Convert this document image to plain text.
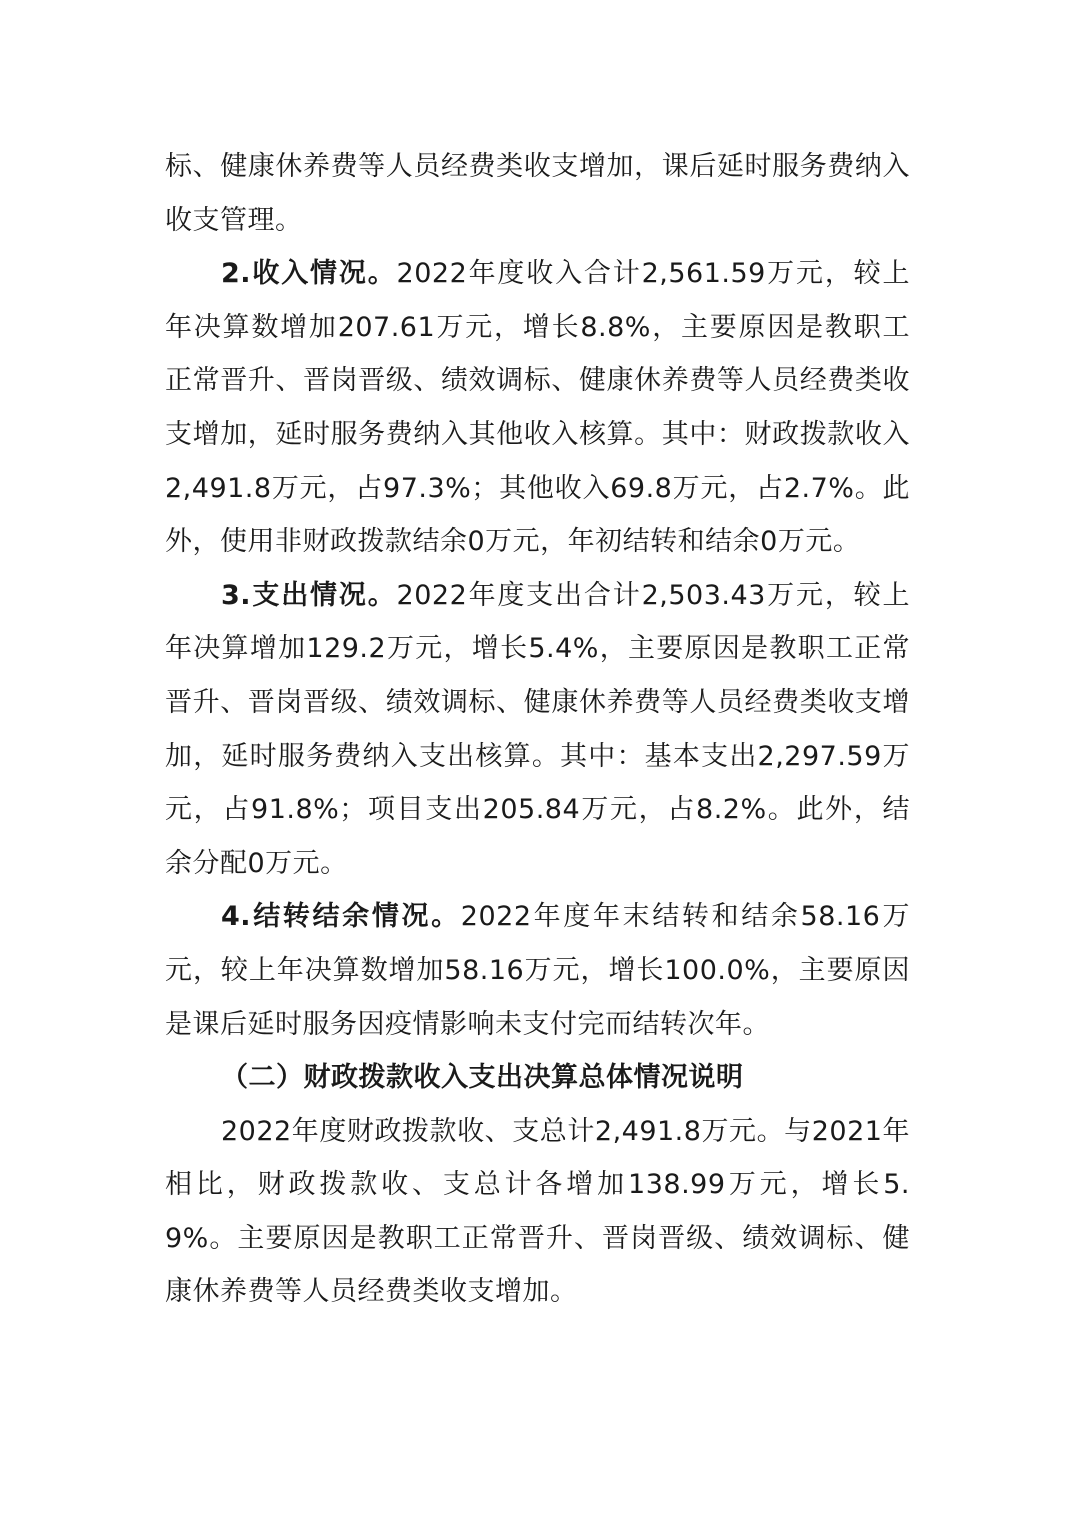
标、健康休养费等人员经费类收支增加，课后延时服务费纳入收支管理。

2.收入情况。2022年度收入合计2,561.59万元，较上年决算数增加207.61万元，增长8.8%，主要原因是教职工正常晋升、晋岗晋级、绩效调标、健康休养费等人员经费类收支增加，延时服务费纳入其他收入核算。其中：财政拨款收入2,491.8万元，占97.3%；其他收入69.8万元，占2.7%。此外，使用非财政拨款结余0万元，年初结转和结余0万元。

3.支出情况。2022年度支出合计2,503.43万元，较上年决算增加129.2万元，增长5.4%，主要原因是教职工正常晋升、晋岗晋级、绩效调标、健康休养费等人员经费类收支增加，延时服务费纳入支出核算。其中：基本支出2,297.59万元，占91.8%；项目支出205.84万元，占8.2%。此外，结余分配0万元。

4.结转结余情况。2022年度年末结转和结余58.16万元，较上年决算数增加58.16万元，增长100.0%，主要原因是课后延时服务因疫情影响未支付完而结转次年。

（二）财政拨款收入支出决算总体情况说明

2022年度财政拨款收、支总计2,491.8万元。与2021年相比，财政拨款收、支总计各增加138.99万元，增长5.9%。主要原因是教职工正常晋升、晋岗晋级、绩效调标、健康休养费等人员经费类收支增加。
